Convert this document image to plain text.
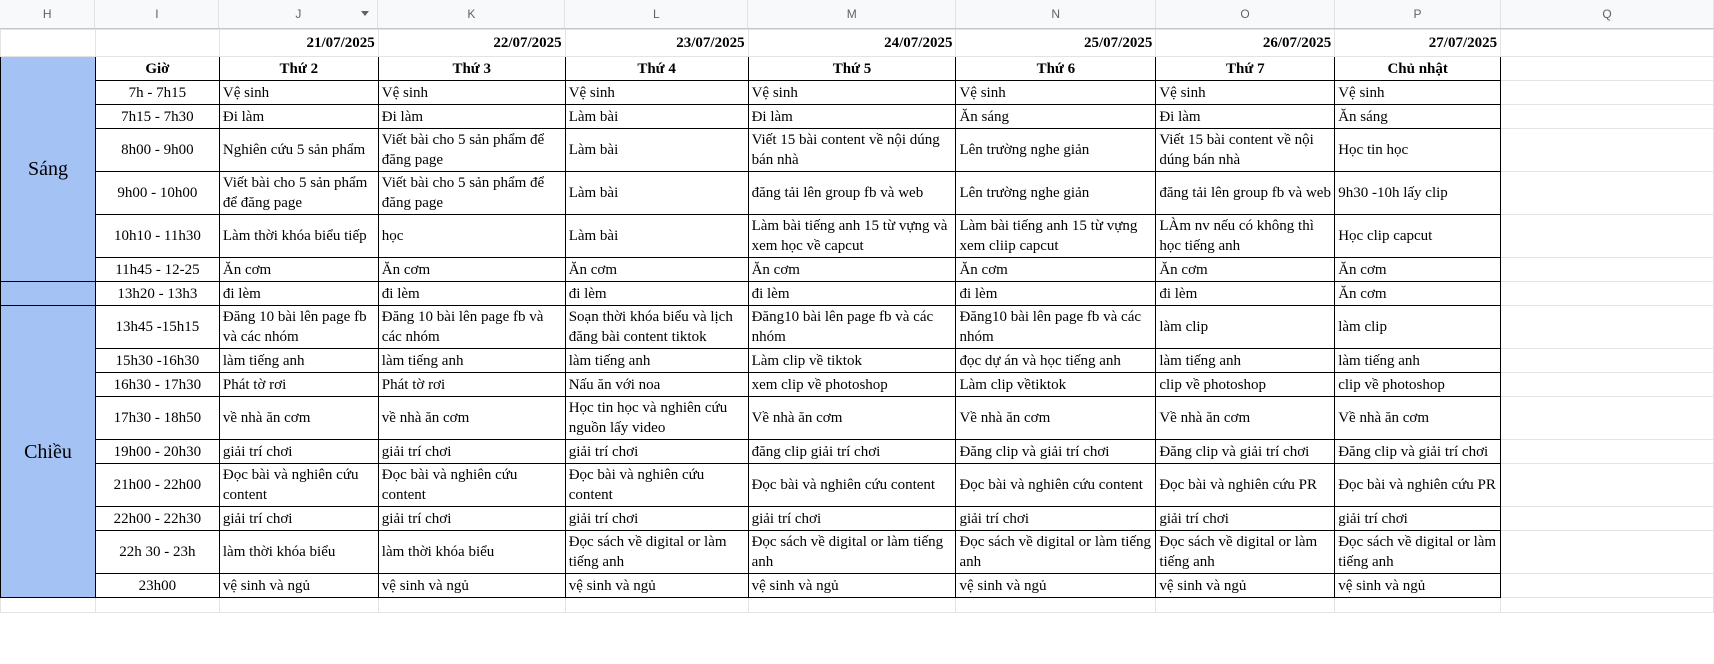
H	I	J	K	L	M	N	O	P	Q
		21/07/2025	22/07/2025	23/07/2025	24/07/2025	25/07/2025	26/07/2025	27/07/2025	
Sáng	Giờ	Thứ 2	Thứ 3	Thứ 4	Thứ 5	Thứ 6	Thứ 7	Chủ nhật	
	7h - 7h15	Vệ sinh	Vệ sinh	Vệ sinh	Vệ sinh	Vệ sinh	Vệ sinh	Vệ sinh	
	7h15 - 7h30	Đi làm	Đi làm	Làm bài	Đi làm	Ăn sáng	Đi làm	Ăn sáng	
	8h00 - 9h00	Nghiên cứu 5 sản phẩm	Viết bài cho 5 sản phẩm để đăng page	Làm bài	Viết 15 bài content về nội dúng bán nhà	Lên trường nghe giản	Viết 15 bài content về nội dúng bán nhà	Học tin học	
	9h00 - 10h00	Viết bài cho 5 sản phẩm để đăng page	Viết bài cho 5 sản phẩm để đăng page	Làm bài	đăng tải lên group fb và web	Lên trường nghe giản	đăng tải lên group fb và web	9h30 -10h lấy clip	
	10h10 - 11h30	Làm thời khóa biểu tiếp	học	Làm bài	Làm bài tiếng anh 15 từ vựng và xem học về capcut	Làm bài tiếng anh 15 từ vựng xem cliip capcut	LÀm nv nếu có không thì học tiếng anh	Học clip capcut	
	11h45 - 12-25	Ăn cơm	Ăn cơm	Ăn cơm	Ăn cơm	Ăn cơm	Ăn cơm	Ăn cơm	
	13h20 - 13h3	đi lèm	đi lèm	đi lèm	đi lèm	đi lèm	đi lèm	Ăn cơm	
Chiều	13h45 -15h15	Đăng 10 bài lên page fb và các nhóm	Đăng 10 bài lên page fb và các nhóm	Soạn thời khóa biểu và lịch đăng bài content tiktok	Đăng10 bài lên page fb và các nhóm	Đăng10 bài lên page fb và các nhóm	làm clip	làm clip	
	15h30 -16h30	làm tiếng anh	làm tiếng anh	làm tiếng anh	Làm clip về tiktok	đọc dự án và học tiếng anh	làm tiếng anh	làm tiếng anh	
	16h30 - 17h30	Phát tờ rơi	Phát tờ rơi	Nấu ăn với noa	xem clip về photoshop	Làm clip vềtiktok	clip về photoshop	clip về photoshop	
	17h30 - 18h50	về nhà ăn cơm	về nhà ăn cơm	Học tin học và nghiên cứu nguồn lấy video	Về nhà ăn cơm	Về nhà ăn cơm	Về nhà ăn cơm	Về nhà ăn cơm	
	19h00 - 20h30	giải trí chơi	giải trí chơi	giải trí chơi	đăng clip giải trí chơi	Đăng clip và giải trí chơi	Đăng clip và giải trí chơi	Đăng clip và giải trí chơi	
	21h00 - 22h00	Đọc bài và nghiên cứu content	Đọc bài và nghiên cứu content	Đọc bài và nghiên cứu content	Đọc bài và nghiên cứu content	Đọc bài và nghiên cứu content	Đọc bài và nghiên cứu PR	Đọc bài và nghiên cứu PR	
	22h00 - 22h30	giải trí chơi	giải trí chơi	giải trí chơi	giải trí chơi	giải trí chơi	giải trí chơi	giải trí chơi	
	22h 30 - 23h	làm thời khóa biểu	làm thời khóa biểu	Đọc sách về digital or làm tiếng anh	Đọc sách về digital or làm tiếng anh	Đọc sách về digital or làm tiếng anh	Đọc sách về digital or làm tiếng anh	Đọc sách về digital or làm tiếng anh	
	23h00	vệ sinh và ngủ	vệ sinh và ngủ	vệ sinh và ngủ	vệ sinh và ngủ	vệ sinh và ngủ	vệ sinh và ngủ	vệ sinh và ngủ	
